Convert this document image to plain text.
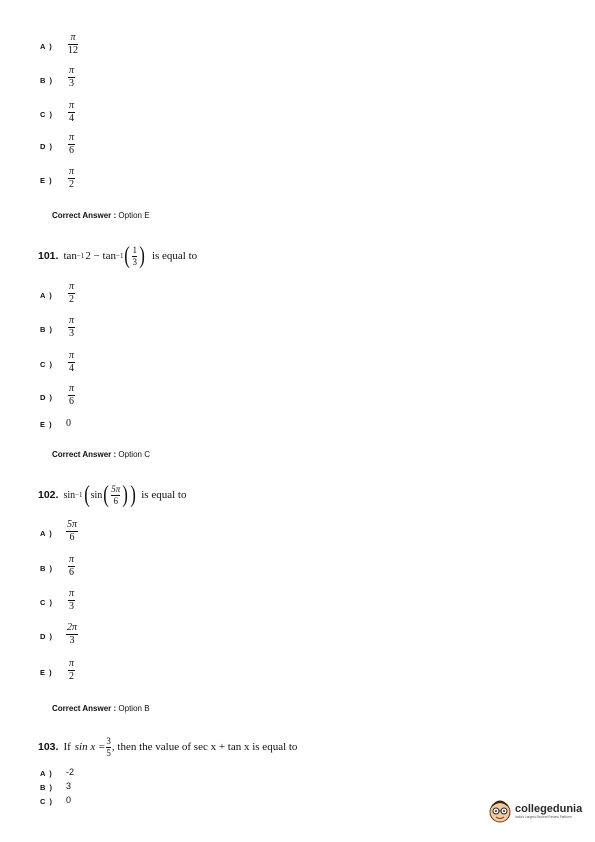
A )
π
12
B )
π
3
C )
π
4
D )
π
6
E )
π
2
Correct Answer : Option E
101. tan −1 2 − tan −1 ( 1
3 ) is equal to
A )
π
2
B )
π
3
C )
π
4
D )
π
6
E ) 0
Correct Answer : Option C
102. sin −1 ( sin ( 5π
6 ) ) is equal to
A )
5π
6
B )
π
6
C )
π
3
D )
2π
3
E )
π
2
Correct Answer : Option B
103. If sin x =
3
5 , then the value of sec x + tan x is equal to
A ) -2
B ) 3
C ) 0
collegedunia
India's Largest Student Review Platform
